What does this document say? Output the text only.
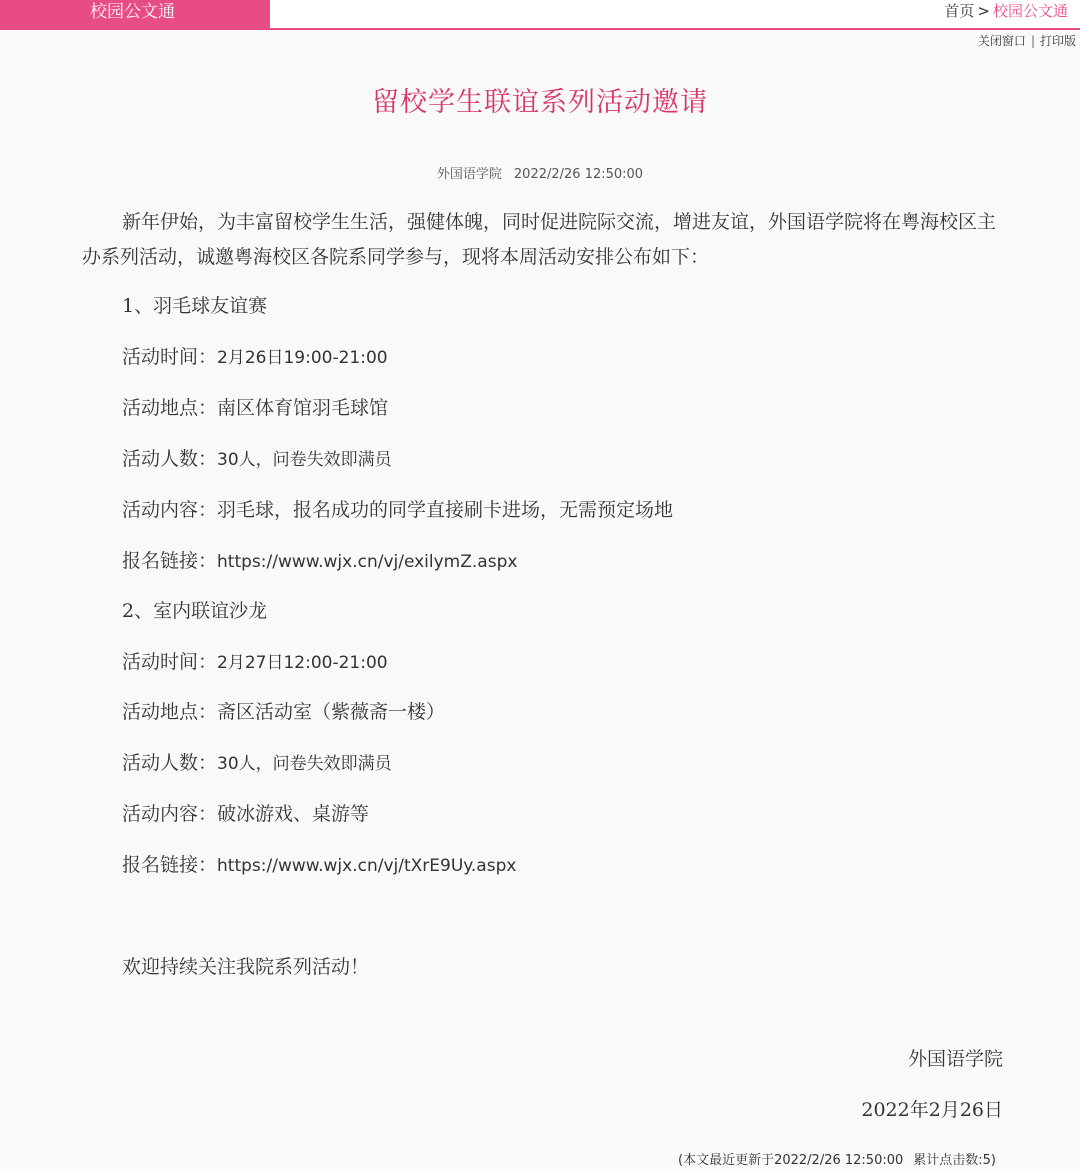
校园公文通	首页 > 校园公文通
关闭窗口 | 打印版
留校学生联谊系列活动邀请
外国语学院 2022/2/26 12:50:00

新年伊始，为丰富留校学生生活，强健体魄，同时促进院际交流，增进友谊，外国语学院将在粤海校区主办系列活动，诚邀粤海校区各院系同学参与，现将本周活动安排公布如下：

1、羽毛球友谊赛
活动时间：2月26日19:00-21:00
活动地点：南区体育馆羽毛球馆
活动人数：30人，问卷失效即满员
活动内容：羽毛球，报名成功的同学直接刷卡进场，无需预定场地
报名链接：https://www.wjx.cn/vj/exilymZ.aspx
2、室内联谊沙龙
活动时间：2月27日12:00-21:00
活动地点：斋区活动室（紫薇斋一楼）
活动人数：30人，问卷失效即满员
活动内容：破冰游戏、桌游等
报名链接：https://www.wjx.cn/vj/tXrE9Uy.aspx
欢迎持续关注我院系列活动！
外国语学院
2022年2月26日
(本文最近更新于2022/2/26 12:50:00 累计点击数:5)
